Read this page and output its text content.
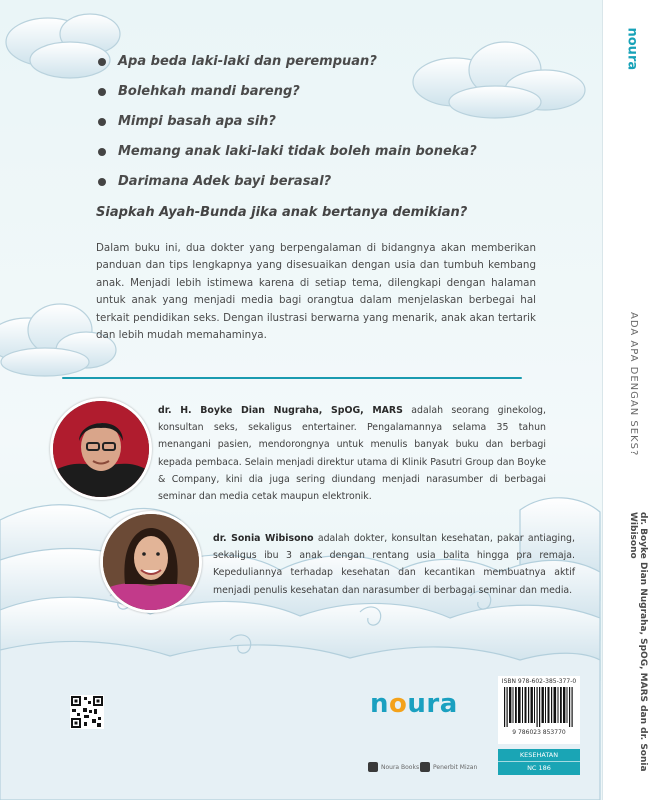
Apa beda laki-laki dan perempuan?
Bolehkah mandi bareng?
Mimpi basah apa sih?
Memang anak laki-laki tidak boleh main boneka?
Darimana Adek bayi berasal?
Siapkah Ayah-Bunda jika anak bertanya demikian?
Dalam buku ini, dua dokter yang berpengalaman di bidangnya akan memberikan panduan dan tips lengkapnya yang disesuaikan dengan usia dan tumbuh kembang anak. Menjadi lebih istimewa karena di setiap tema, dilengkapi dengan halaman untuk anak yang menjadi media bagi orangtua dalam menjelaskan berbegai hal terkait pendidikan seks. Dengan ilustrasi berwarna yang menarik, anak akan tertarik dan lebih mudah memahaminya.
dr. H. Boyke Dian Nugraha, SpOG, MARS adalah seorang ginekolog, konsultan seks, sekaligus entertainer. Pengalamannya selama 35 tahun menangani pasien, mendorongnya untuk menulis banyak buku dan berbagi kepada pembaca. Selain menjadi direktur utama di Klinik Pasutri Group dan Boyke & Company, kini dia juga sering diundang menjadi narasumber di berbagai seminar dan media cetak maupun elektronik.
dr. Sonia Wibisono adalah dokter, konsultan kesehatan, pakar antiaging, sekaligus ibu 3 anak dengan rentang usia balita hingga pra remaja. Kepeduliannya terhadap kesehatan dan kecantikan membuatnya aktif menjadi penulis kesehatan dan narasumber di berbagai seminar dan media.
noura
Noura Books Penerbit Mizan
ISBN 978-602-385-377-0
9 786023 853770
KESEHATAN
NC 186
noura
ADA APA DENGAN SEKS?
dr. Boyke Dian Nugraha, SpOG, MARS dan dr. Sonia Wibisono
